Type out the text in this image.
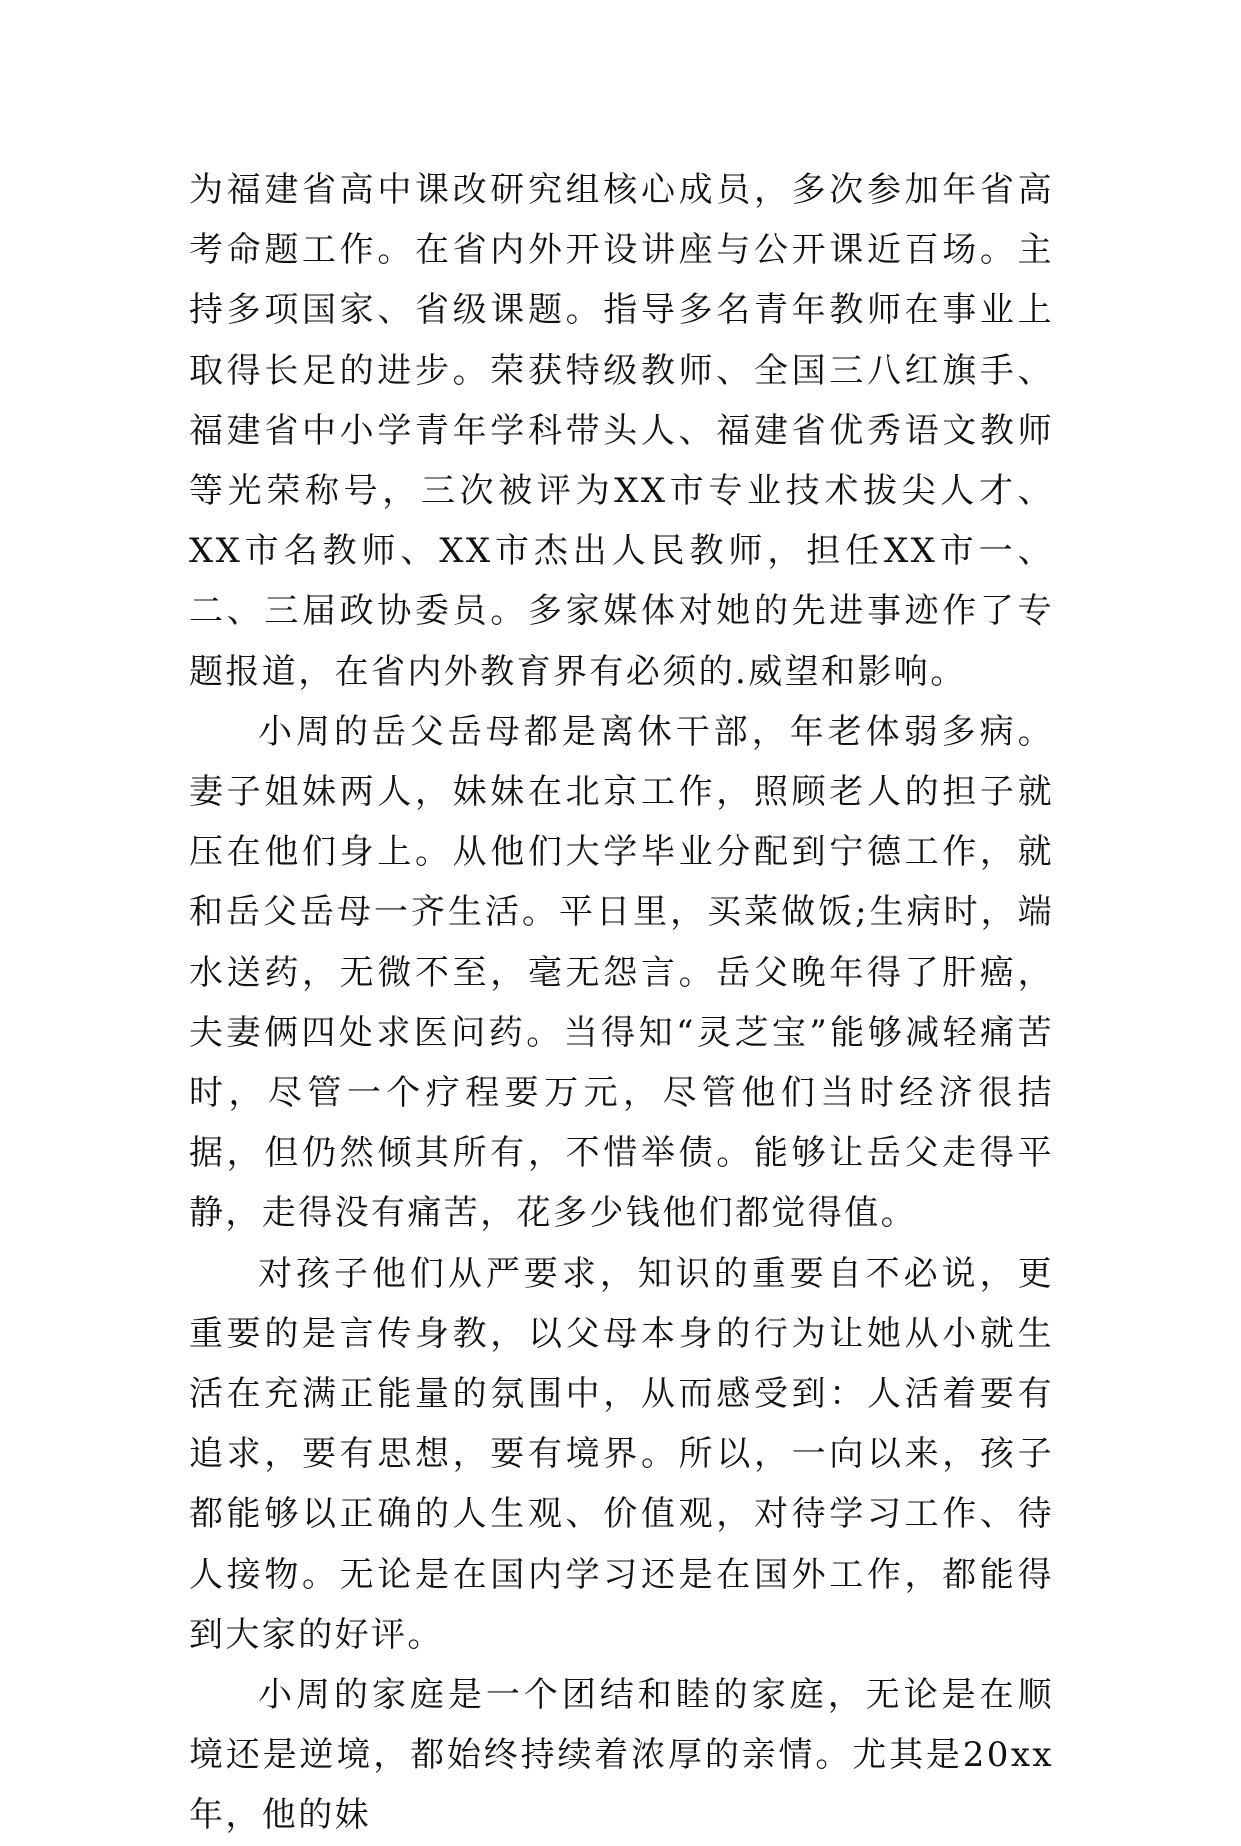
为福建省高中课改研究组核心成员，多次参加年省高考命题工作。在省内外开设讲座与公开课近百场。主持多项国家、省级课题。指导多名青年教师在事业上取得长足的进步。荣获特级教师、全国三八红旗手、福建省中小学青年学科带头人、福建省优秀语文教师等光荣称号，三次被评为XX市专业技术拔尖人才、XX市名教师、XX市杰出人民教师，担任XX市一、二、三届政协委员。多家媒体对她的先进事迹作了专题报道，在省内外教育界有必须的.威望和影响。

小周的岳父岳母都是离休干部，年老体弱多病。妻子姐妹两人，妹妹在北京工作，照顾老人的担子就压在他们身上。从他们大学毕业分配到宁德工作，就和岳父岳母一齐生活。平日里，买菜做饭;生病时，端水送药，无微不至，毫无怨言。岳父晚年得了肝癌，夫妻俩四处求医问药。当得知“灵芝宝”能够减轻痛苦时，尽管一个疗程要万元，尽管他们当时经济很拮据，但仍然倾其所有，不惜举债。能够让岳父走得平静，走得没有痛苦，花多少钱他们都觉得值。

对孩子他们从严要求，知识的重要自不必说，更重要的是言传身教，以父母本身的行为让她从小就生活在充满正能量的氛围中，从而感受到：人活着要有追求，要有思想，要有境界。所以，一向以来，孩子都能够以正确的人生观、价值观，对待学习工作、待人接物。无论是在国内学习还是在国外工作，都能得到大家的好评。

小周的家庭是一个团结和睦的家庭，无论是在顺境还是逆境，都始终持续着浓厚的亲情。尤其是20xx年，他的妹
